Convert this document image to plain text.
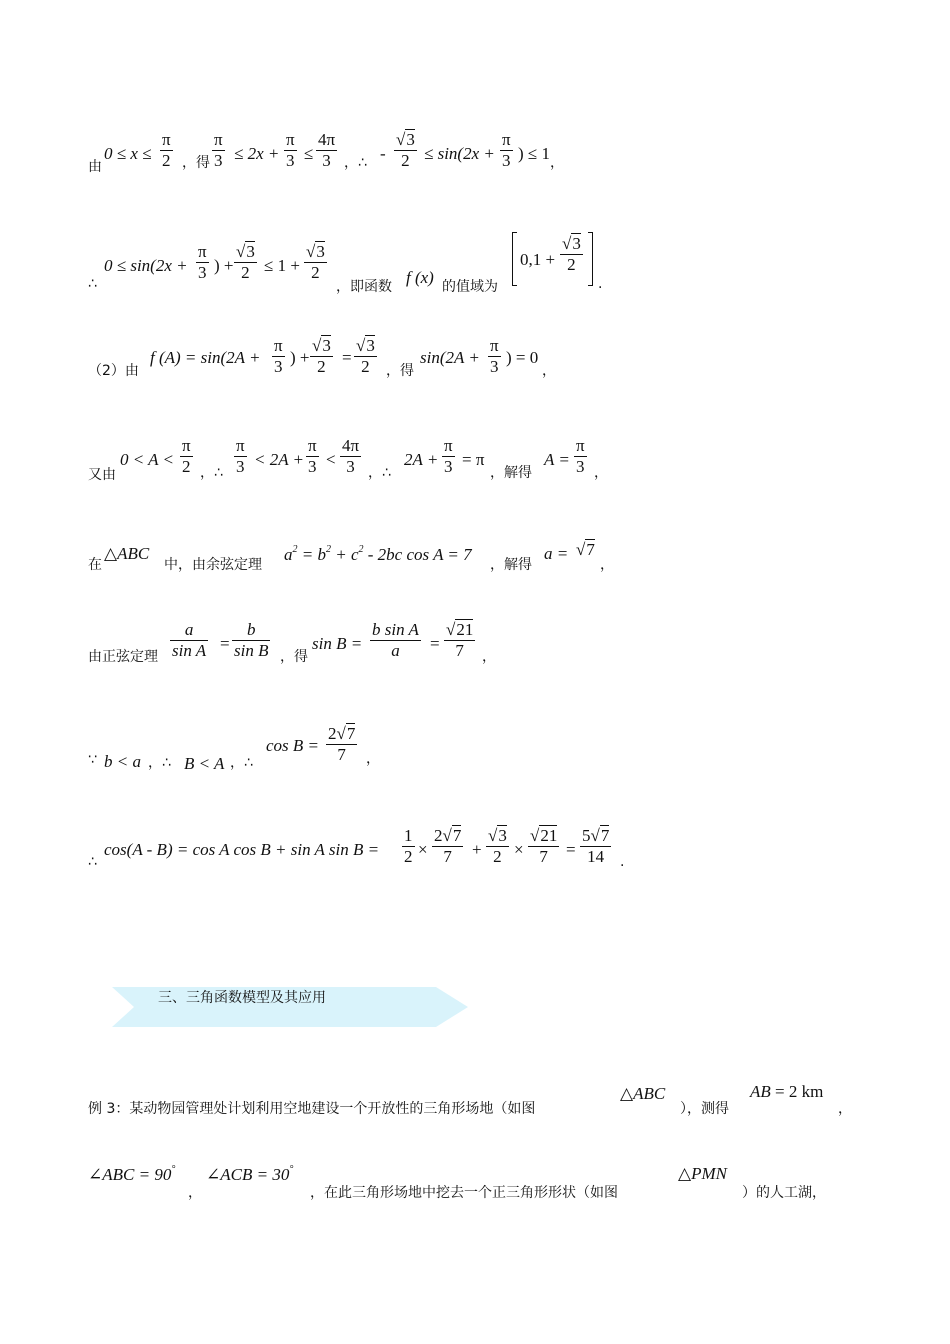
由
$0 \le x \le \frac{\pi}{2}$ ，得 $\frac{\pi}{3} \le 2x + \frac{\pi}{3} \le \frac{4\pi}{3}$ ，∴ - $\frac{√3}{2} \le \sin(2x + \frac{\pi}{3}$ ) ≤ 1 ，
∴
$0 \le \sin(2x + \frac{\pi}{3}$ ) + $\frac{√3}{2} \le 1 + \frac{√3}{2}$
，即函数 f (x) 的值域为
$0,1 + \frac{√3}{2}$
.
（2）由
f $(A) = \sin(2A + \frac{\pi}{3}$ ) + $\frac{√3}{2} = \frac{√3}{2}$ ，得
$\sin(2A + \frac{\pi}{3}$ ) = 0
，
又由
$0 < A < \frac{\pi}{2}$ ，∴ $\frac{\pi}{3} < 2A + \frac{\pi}{3} < \frac{4\pi}{3}$ ，∴
$2A + \frac{\pi}{3} = \pi$
，解得
$A = \frac{\pi}{3}$ ，
在
△ABC
中，由余弦定理
$a^2 = b^2 + c^2 - 2bc$ cos A = 7
，解得
a = √7
，
由正弦定理 $\frac{a}{\text{sin A}} = \frac{b}{\text{sin B}}$ ，得
$\sin B = \frac{\text{b sin A}}{a} = \frac{√21}{7}$ ，
∵ b < a ，∴ B < A ，∴
$\cos B = \frac{2√7}{7}$ ，
∴
cos(A - B) = cos A cos B + sin A $\sin B = \frac{1}{2} \times \frac{2√7}{7} + \frac{√3}{2} \times \frac{√21}{7} = \frac{5√7}{14}$ .
三、三角函数模型及其应用
例 3：某动物园管理处计划利用空地建设一个开放性的三角形场地（如图
△ABC
），测得
AB = 2 km
，
∠ABC = 90°
，
∠ACB = 30°
，在此三角形场地中挖去一个正三角形形状（如图
△PMN
）的人工湖，
